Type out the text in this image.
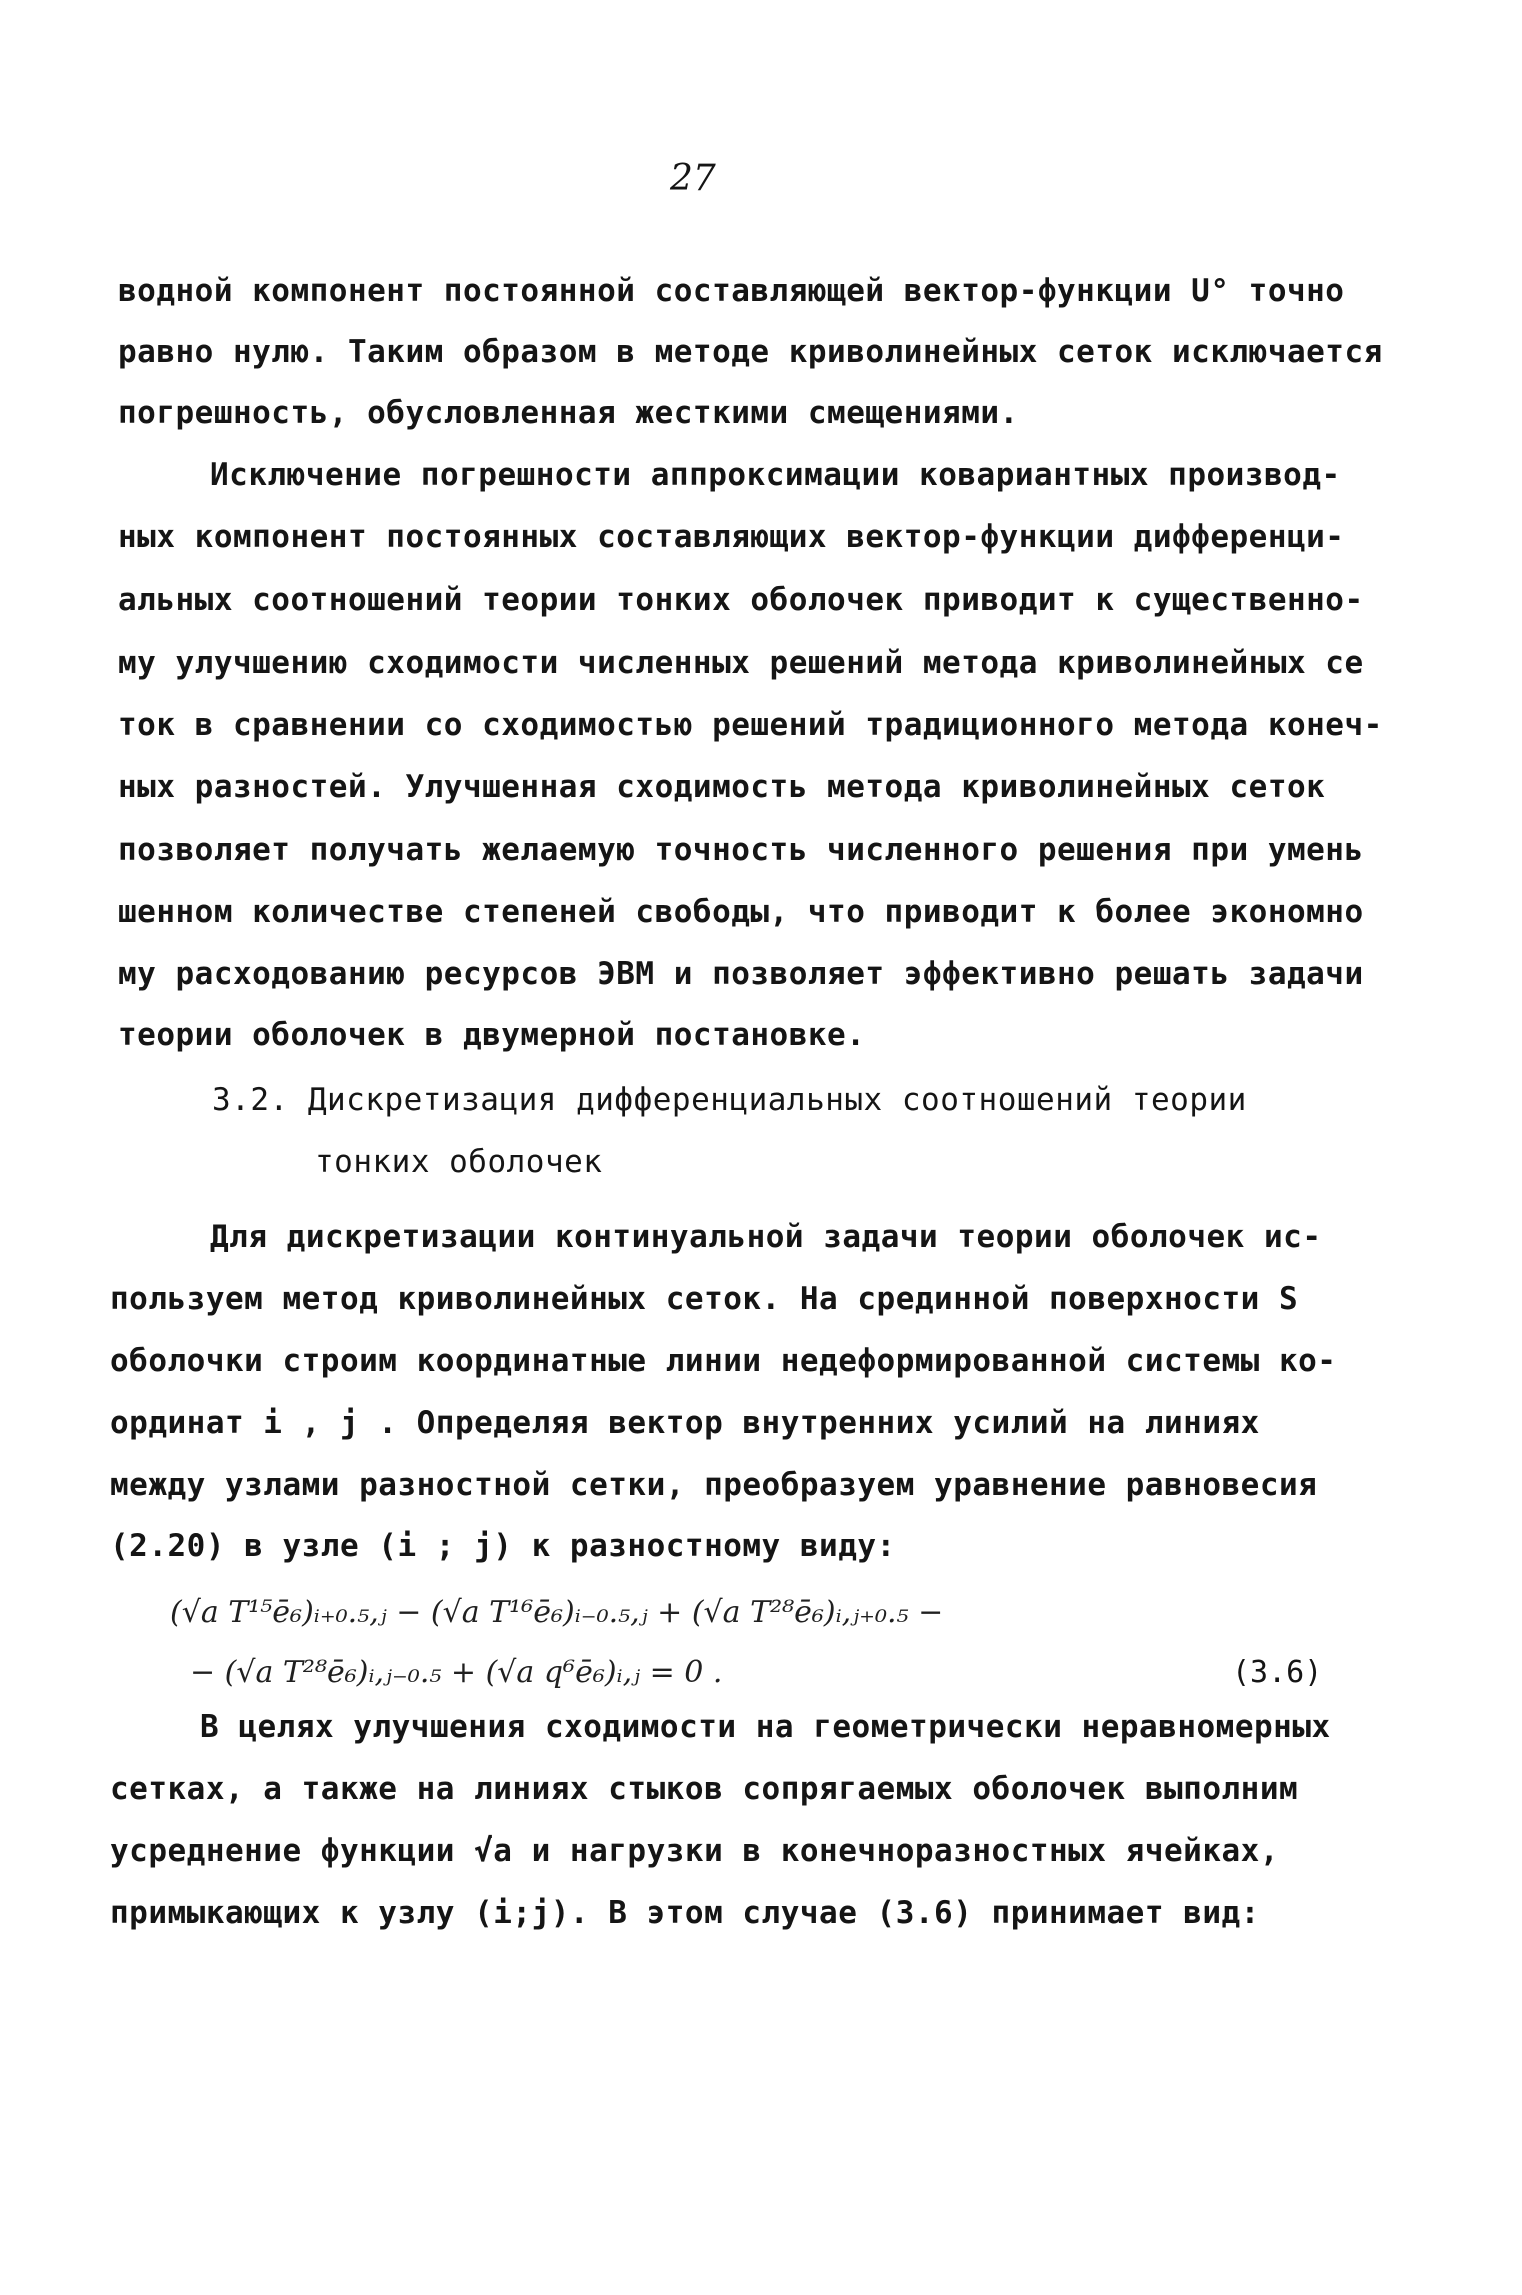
27
водной компонент постоянной составляющей вектор-функции U° точно
равно нулю. Таким образом в методе криволинейных сеток исключается
погрешность, обусловленная жесткими смещениями.
Исключение погрешности аппроксимации ковариантных производ-
ных компонент постоянных составляющих вектор-функции дифференци-
альных соотношений теории тонких оболочек приводит к существенно-
му улучшению сходимости численных решений метода криволинейных се
ток в сравнении со сходимостью решений традиционного метода конеч-
ных разностей. Улучшенная сходимость метода криволинейных сеток
позволяет получать желаемую точность численного решения при умень
шенном количестве степеней свободы, что приводит к более экономно
му расходованию ресурсов ЭВМ и позволяет эффективно решать задачи
теории оболочек в двумерной постановке.
3.2. Дискретизация дифференциальных соотношений теории
тонких оболочек
Для дискретизации континуальной задачи теории оболочек ис-
пользуем метод криволинейных сеток. На срединной поверхности S
оболочки строим координатные линии недеформированной системы ко-
ординат i , j . Определяя вектор внутренних усилий на линиях
между узлами разностной сетки, преобразуем уравнение равновесия
(2.20) в узле (i ; j) к разностному виду:
(√a T¹⁵ē₆)ᵢ₊₀.₅,ⱼ − (√a T¹⁶ē₆)ᵢ₋₀.₅,ⱼ + (√a T²⁸ē₆)ᵢ,ⱼ₊₀.₅ −
− (√a T²⁸ē₆)ᵢ,ⱼ₋₀.₅ + (√a q⁶ē₆)ᵢ,ⱼ = 0 .	(3.6)
В целях улучшения сходимости на геометрически неравномерных
сетках, а также на линиях стыков сопрягаемых оболочек выполним
усреднение функции √a и нагрузки в конечноразностных ячейках,
примыкающих к узлу (i;j). В этом случае (3.6) принимает вид:
